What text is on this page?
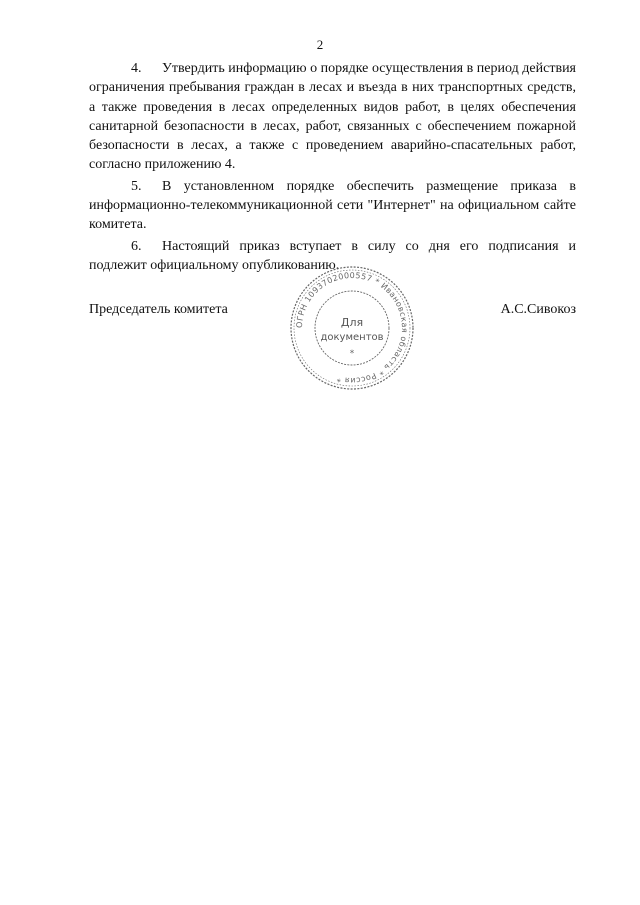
2

4. Утвердить информацию о порядке осуществления в период действия ограничения пребывания граждан в лесах и въезда в них транспортных средств, а также проведения в лесах определенных видов работ, в целях обеспечения санитарной безопасности в лесах, работ, связанных с обеспечением пожарной безопасности в лесах, а также с проведением аварийно-спасательных работ, согласно приложению 4.

5. В установленном порядке обеспечить размещение приказа в информационно-телекоммуникационной сети "Интернет" на официальном сайте комитета.

6. Настоящий приказ вступает в силу со дня его подписания и подлежит официальному опубликованию.

Председатель комитета
ОГРН 1093702000557 * Ивановская область * Россия *
Для
документов
*
А.С.Сивокоз
